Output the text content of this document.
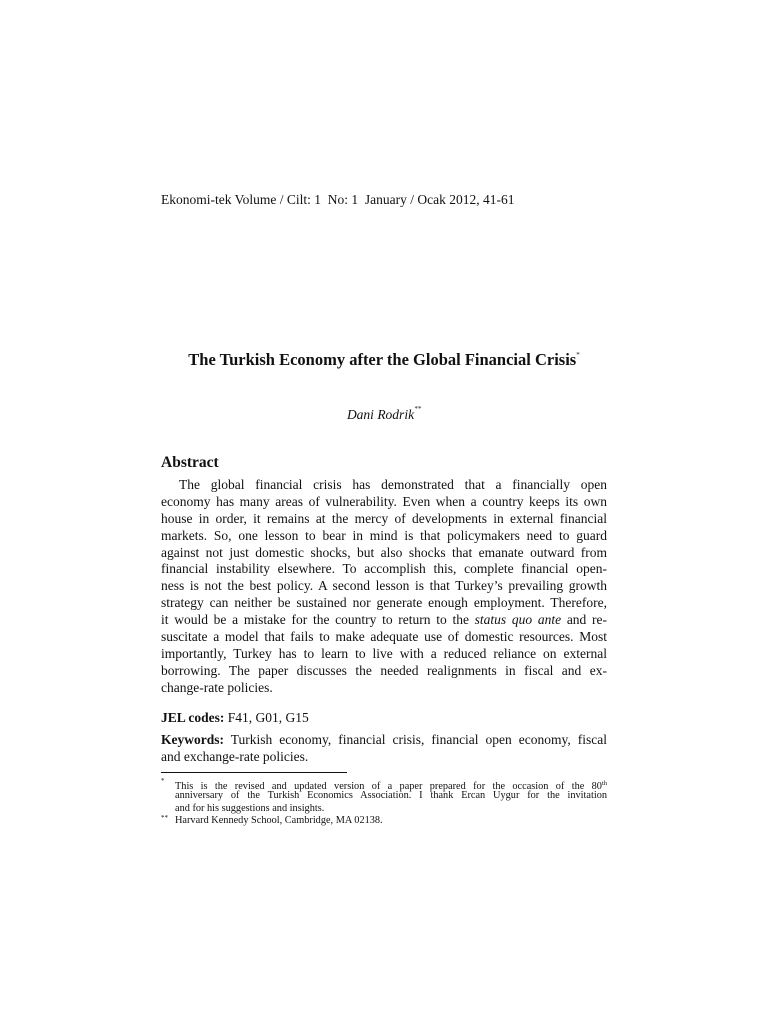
Ekonomi-tek Volume / Cilt: 1  No: 1  January / Ocak 2012, 41-61
The Turkish Economy after the Global Financial Crisis*
Dani Rodrik**
Abstract
The global financial crisis has demonstrated that a financially open
economy has many areas of vulnerability. Even when a country keeps its own
house in order, it remains at the mercy of developments in external financial
markets. So, one lesson to bear in mind is that policymakers need to guard
against not just domestic shocks, but also shocks that emanate outward from
financial instability elsewhere. To accomplish this, complete financial open-
ness is not the best policy. A second lesson is that Turkey’s prevailing growth
strategy can neither be sustained nor generate enough employment. Therefore,
it would be a mistake for the country to return to the status quo ante and re-
suscitate a model that fails to make adequate use of domestic resources. Most
importantly, Turkey has to learn to live with a reduced reliance on external
borrowing. The paper discusses the needed realignments in fiscal and ex-
change-rate policies.
JEL codes: F41, G01, G15
Keywords: Turkish economy, financial crisis, financial open economy, fiscal
and exchange-rate policies.
* This is the revised and updated version of a paper prepared for the occasion of the 80th
anniversary of the Turkish Economics Association. I thank Ercan Uygur for the invitation
and for his suggestions and insights.
** Harvard Kennedy School, Cambridge, MA 02138.
